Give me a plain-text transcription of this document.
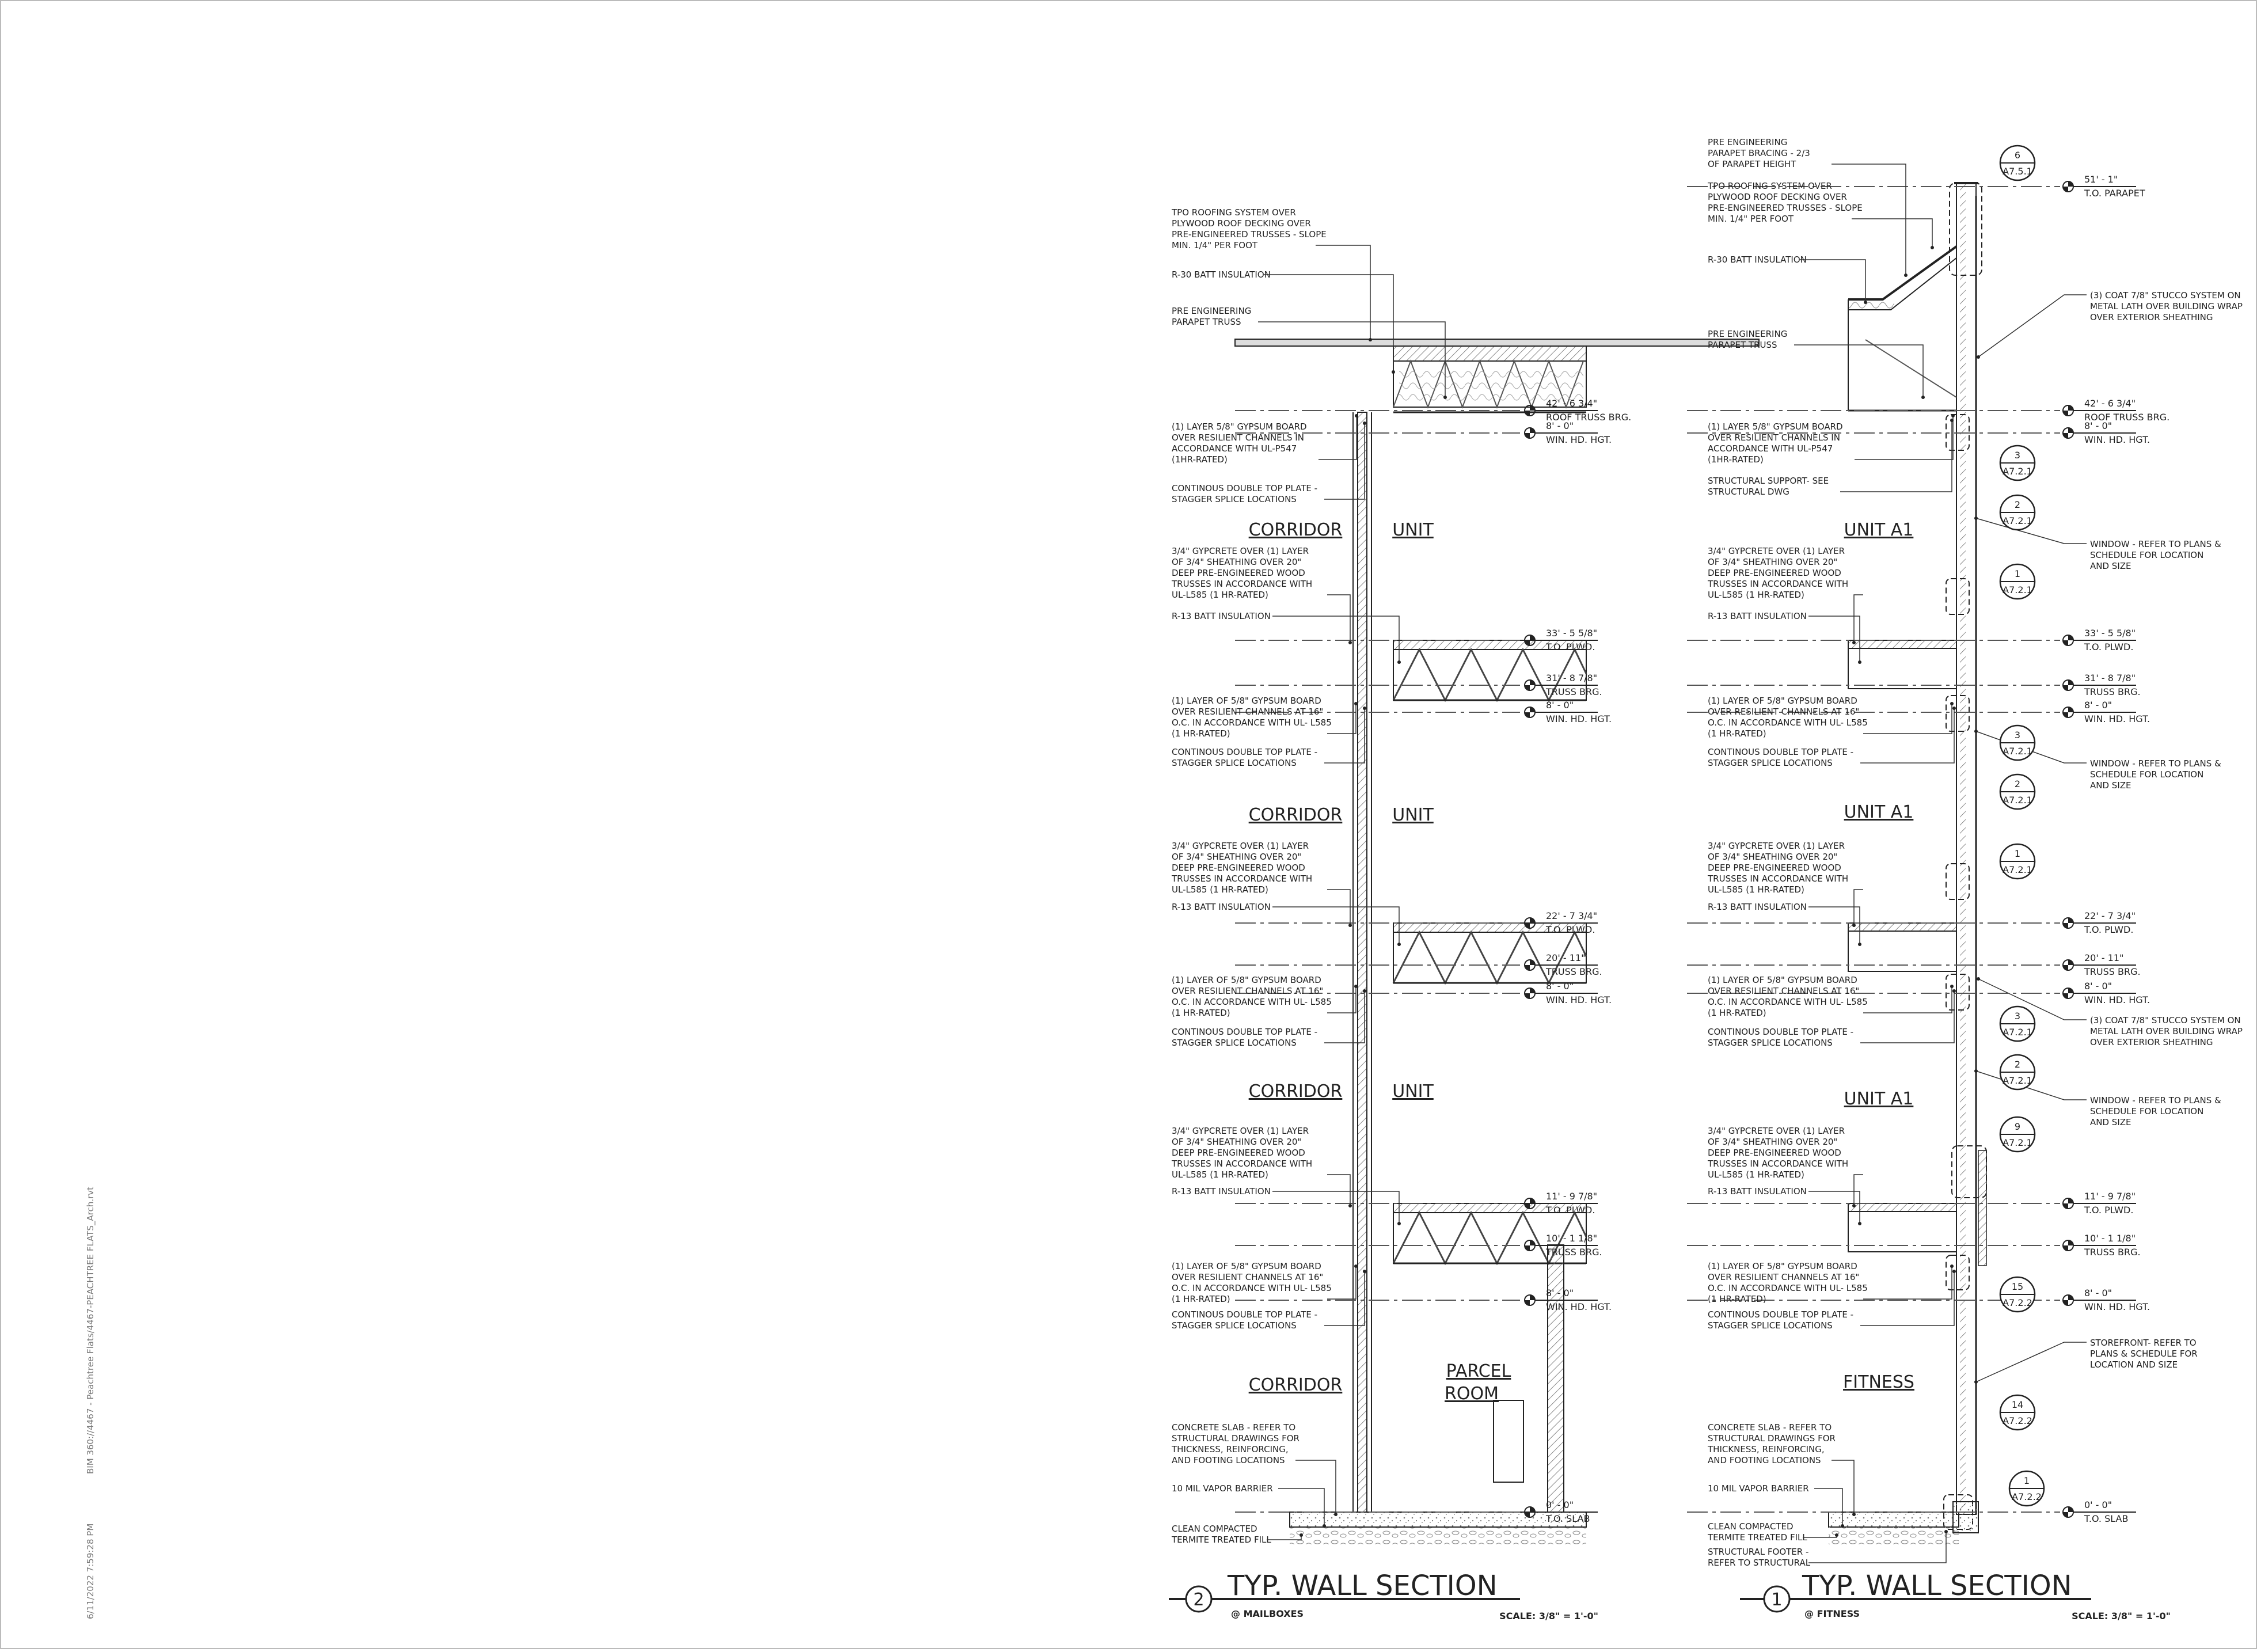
42' - 6 3/4"
ROOF TRUSS BRG.
8' - 0"
WIN. HD. HGT.
33' - 5 5/8"
T.O. PLWD.
31' - 8 7/8"
TRUSS BRG.
8' - 0"
WIN. HD. HGT.
22' - 7 3/4"
T.O. PLWD.
20' - 11"
TRUSS BRG.
8' - 0"
WIN. HD. HGT.
11' - 9 7/8"
T.O. PLWD.
10' - 1 1/8"
TRUSS BRG.
8' - 0"
WIN. HD. HGT.
0' - 0"
T.O. SLAB
51' - 1"
T.O. PARAPET
42' - 6 3/4"
ROOF TRUSS BRG.
8' - 0"
WIN. HD. HGT.
33' - 5 5/8"
T.O. PLWD.
31' - 8 7/8"
TRUSS BRG.
8' - 0"
WIN. HD. HGT.
22' - 7 3/4"
T.O. PLWD.
20' - 11"
TRUSS BRG.
8' - 0"
WIN. HD. HGT.
11' - 9 7/8"
T.O. PLWD.
10' - 1 1/8"
TRUSS BRG.
8' - 0"
WIN. HD. HGT.
0' - 0"
T.O. SLAB
TPO ROOFING SYSTEM OVER PLYWOOD ROOF DECKING OVER PRE-ENGINEERED TRUSSES - SLOPE MIN. 1/4" PER FOOT
R-30 BATT INSULATION
PRE ENGINEERING PARAPET TRUSS
(1) LAYER 5/8" GYPSUM BOARD OVER RESILIENT CHANNELS IN ACCORDANCE WITH UL-P547 (1HR-RATED)
CONTINOUS DOUBLE TOP PLATE -STAGGER SPLICE LOCATIONS
3/4" GYPCRETE OVER (1) LAYER OF 3/4" SHEATHING OVER 20" DEEP PRE-ENGINEERED WOOD TRUSSES IN ACCORDANCE WITH UL-L585 (1 HR-RATED)
R-13 BATT INSULATION
(1) LAYER OF 5/8" GYPSUM BOARD OVER RESILIENT CHANNELS AT 16" O.C. IN ACCORDANCE WITH UL- L585 (1 HR-RATED)
CONTINOUS DOUBLE TOP PLATE -STAGGER SPLICE LOCATIONS
3/4" GYPCRETE OVER (1) LAYER OF 3/4" SHEATHING OVER 20" DEEP PRE-ENGINEERED WOOD TRUSSES IN ACCORDANCE WITH UL-L585 (1 HR-RATED)
R-13 BATT INSULATION
(1) LAYER OF 5/8" GYPSUM BOARD OVER RESILIENT CHANNELS AT 16" O.C. IN ACCORDANCE WITH UL- L585 (1 HR-RATED)
CONTINOUS DOUBLE TOP PLATE -STAGGER SPLICE LOCATIONS
3/4" GYPCRETE OVER (1) LAYER OF 3/4" SHEATHING OVER 20" DEEP PRE-ENGINEERED WOOD TRUSSES IN ACCORDANCE WITH UL-L585 (1 HR-RATED)
R-13 BATT INSULATION
(1) LAYER OF 5/8" GYPSUM BOARD OVER RESILIENT CHANNELS AT 16" O.C. IN ACCORDANCE WITH UL- L585 (1 HR-RATED)
CONTINOUS DOUBLE TOP PLATE -STAGGER SPLICE LOCATIONS
CONCRETE SLAB - REFER TO STRUCTURAL DRAWINGS FOR THICKNESS, REINFORCING, AND FOOTING LOCATIONS
10 MIL VAPOR BARRIER
CLEAN COMPACTED TERMITE TREATED FILL
PRE ENGINEERING PARAPET BRACING - 2/3 OF PARAPET HEIGHT
TPO ROOFING SYSTEM OVER PLYWOOD ROOF DECKING OVER PRE-ENGINEERED TRUSSES - SLOPE MIN. 1/4" PER FOOT
R-30 BATT INSULATION
PRE ENGINEERING PARAPET TRUSS
(1) LAYER 5/8" GYPSUM BOARD OVER RESILIENT CHANNELS IN ACCORDANCE WITH UL-P547 (1HR-RATED)
STRUCTURAL SUPPORT- SEE STRUCTURAL DWG
3/4" GYPCRETE OVER (1) LAYER OF 3/4" SHEATHING OVER 20" DEEP PRE-ENGINEERED WOOD TRUSSES IN ACCORDANCE WITH UL-L585 (1 HR-RATED)
R-13 BATT INSULATION
(1) LAYER OF 5/8" GYPSUM BOARD OVER RESILIENT CHANNELS AT 16" O.C. IN ACCORDANCE WITH UL- L585 (1 HR-RATED)
CONTINOUS DOUBLE TOP PLATE -STAGGER SPLICE LOCATIONS
3/4" GYPCRETE OVER (1) LAYER OF 3/4" SHEATHING OVER 20" DEEP PRE-ENGINEERED WOOD TRUSSES IN ACCORDANCE WITH UL-L585 (1 HR-RATED)
R-13 BATT INSULATION
(1) LAYER OF 5/8" GYPSUM BOARD OVER RESILIENT CHANNELS AT 16" O.C. IN ACCORDANCE WITH UL- L585 (1 HR-RATED)
CONTINOUS DOUBLE TOP PLATE -STAGGER SPLICE LOCATIONS
3/4" GYPCRETE OVER (1) LAYER OF 3/4" SHEATHING OVER 20" DEEP PRE-ENGINEERED WOOD TRUSSES IN ACCORDANCE WITH UL-L585 (1 HR-RATED)
R-13 BATT INSULATION
(1) LAYER OF 5/8" GYPSUM BOARD OVER RESILIENT CHANNELS AT 16" O.C. IN ACCORDANCE WITH UL- L585 (1 HR-RATED)
CONTINOUS DOUBLE TOP PLATE -STAGGER SPLICE LOCATIONS
CONCRETE SLAB - REFER TO STRUCTURAL DRAWINGS FOR THICKNESS, REINFORCING, AND FOOTING LOCATIONS
10 MIL VAPOR BARRIER
CLEAN COMPACTED TERMITE TREATED FILL
STRUCTURAL FOOTER -REFER TO STRUCTURAL
(3) COAT 7/8" STUCCO SYSTEM ON METAL LATH OVER BUILDING WRAP OVER EXTERIOR SHEATHING
WINDOW - REFER TO PLANS & SCHEDULE FOR LOCATION AND SIZE
WINDOW - REFER TO PLANS & SCHEDULE FOR LOCATION AND SIZE
(3) COAT 7/8" STUCCO SYSTEM ON METAL LATH OVER BUILDING WRAP OVER EXTERIOR SHEATHING
WINDOW - REFER TO PLANS & SCHEDULE FOR LOCATION AND SIZE
STOREFRONT- REFER TO PLANS & SCHEDULE FOR LOCATION AND SIZE
CORRIDOR	UNIT
CORRIDOR	UNIT
CORRIDOR	UNIT
CORRIDOR
PARCEL
ROOM
UNIT A1
UNIT A1
UNIT A1
FITNESS
6
A7.5.1
3
A7.2.1
2
A7.2.1
1
A7.2.1
3
A7.2.1
2
A7.2.1
1
A7.2.1
3
A7.2.1
2
A7.2.1
9
A7.2.1
15
A7.2.2
14
A7.2.2
1
A7.2.2
2 TYP. WALL SECTION
@ MAILBOXES	SCALE: 3/8" = 1'-0"
1 TYP. WALL SECTION
@ FITNESS	SCALE: 3/8" = 1'-0"
6/11/2022 7:59:28 PM
BIM 360://4467 - Peachtree Flats/4467-PEACHTREE FLATS_Arch.rvt
